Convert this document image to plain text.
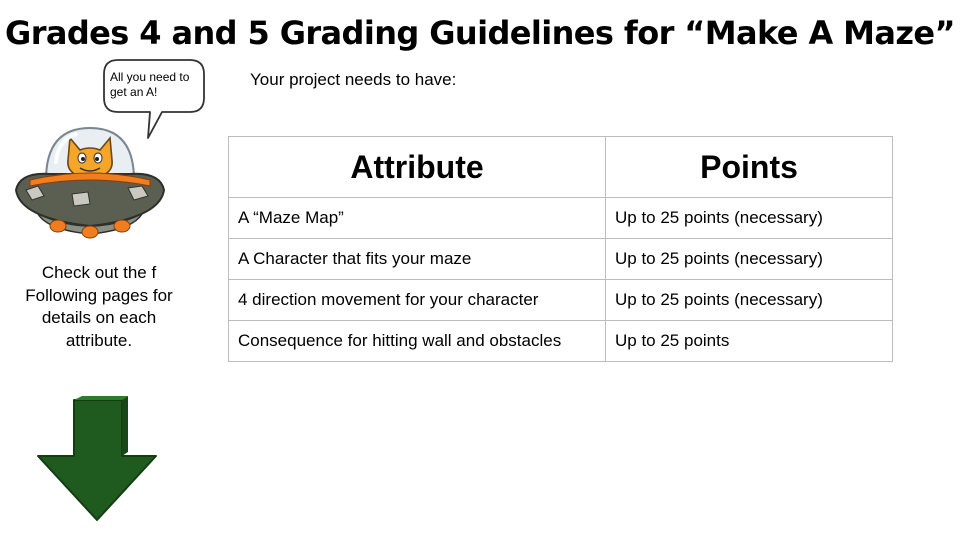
Grades 4 and 5 Grading Guidelines for “Make A Maze”
All you need to get an A!
Your project needs to have:
Check out the f Following pages for details on each attribute.
Attribute	Points
A “Maze Map”	Up to 25 points (necessary)
A Character that fits your maze	Up to 25 points (necessary)
4 direction movement for your character	Up to 25 points (necessary)
Consequence for hitting wall and obstacles	Up to 25 points
